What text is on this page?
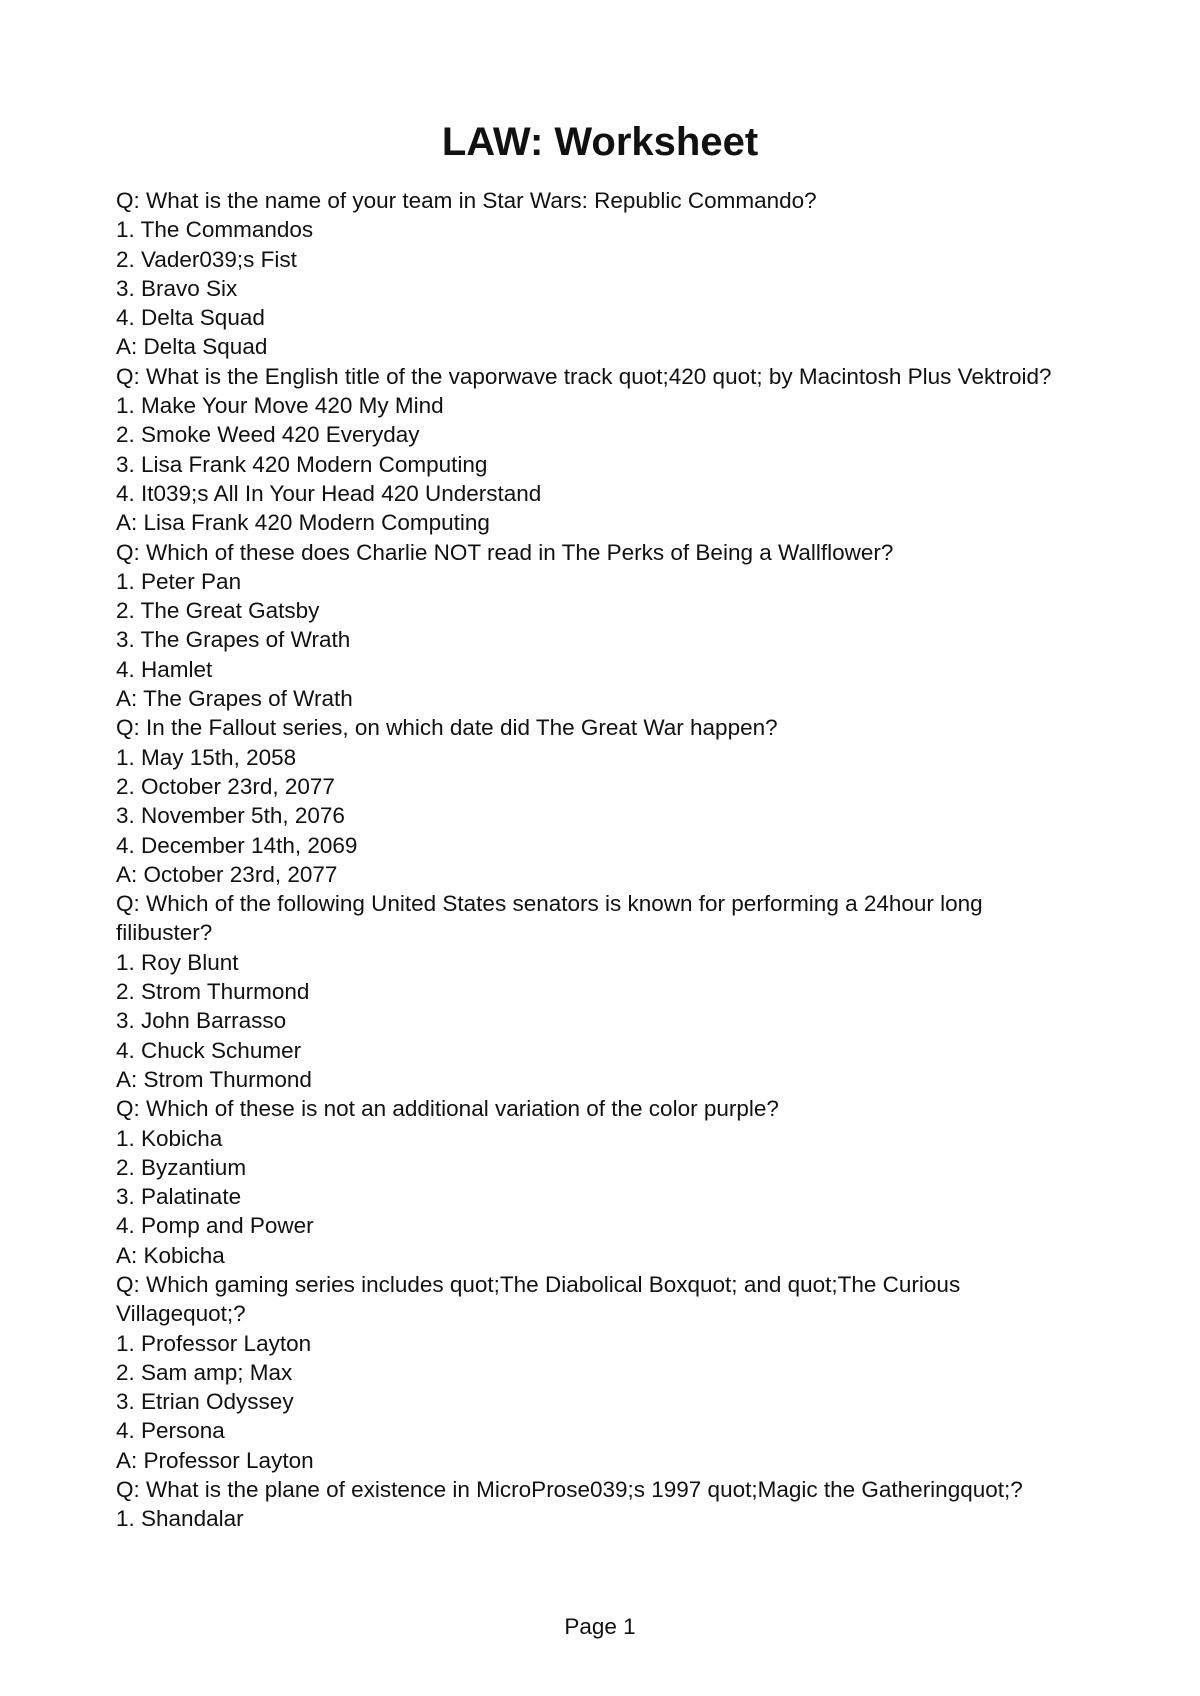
LAW: Worksheet
Q: What is the name of your team in Star Wars: Republic Commando?
1. The Commandos
2. Vader039;s Fist
3. Bravo Six
4. Delta Squad
A: Delta Squad
Q: What is the English title of the vaporwave track quot;420 quot; by Macintosh Plus Vektroid?
1. Make Your Move 420 My Mind
2. Smoke Weed 420 Everyday
3. Lisa Frank 420 Modern Computing
4. It039;s All In Your Head 420 Understand
A: Lisa Frank 420 Modern Computing
Q: Which of these does Charlie NOT read in The Perks of Being a Wallflower?
1. Peter Pan
2. The Great Gatsby
3. The Grapes of Wrath
4. Hamlet
A: The Grapes of Wrath
Q: In the Fallout series, on which date did The Great War happen?
1. May 15th, 2058
2. October 23rd, 2077
3. November 5th, 2076
4. December 14th, 2069
A: October 23rd, 2077
Q: Which of the following United States senators is known for performing a 24hour long filibuster?
1. Roy Blunt
2. Strom Thurmond
3. John Barrasso
4. Chuck Schumer
A: Strom Thurmond
Q: Which of these is not an additional variation of the color purple?
1. Kobicha
2. Byzantium
3. Palatinate
4. Pomp and Power
A: Kobicha
Q: Which gaming series includes quot;The Diabolical Boxquot; and quot;The Curious Villagequot;?
1. Professor Layton
2. Sam amp; Max
3. Etrian Odyssey
4. Persona
A: Professor Layton
Q: What is the plane of existence in MicroProse039;s 1997 quot;Magic the Gatheringquot;?
1. Shandalar
Page 1
